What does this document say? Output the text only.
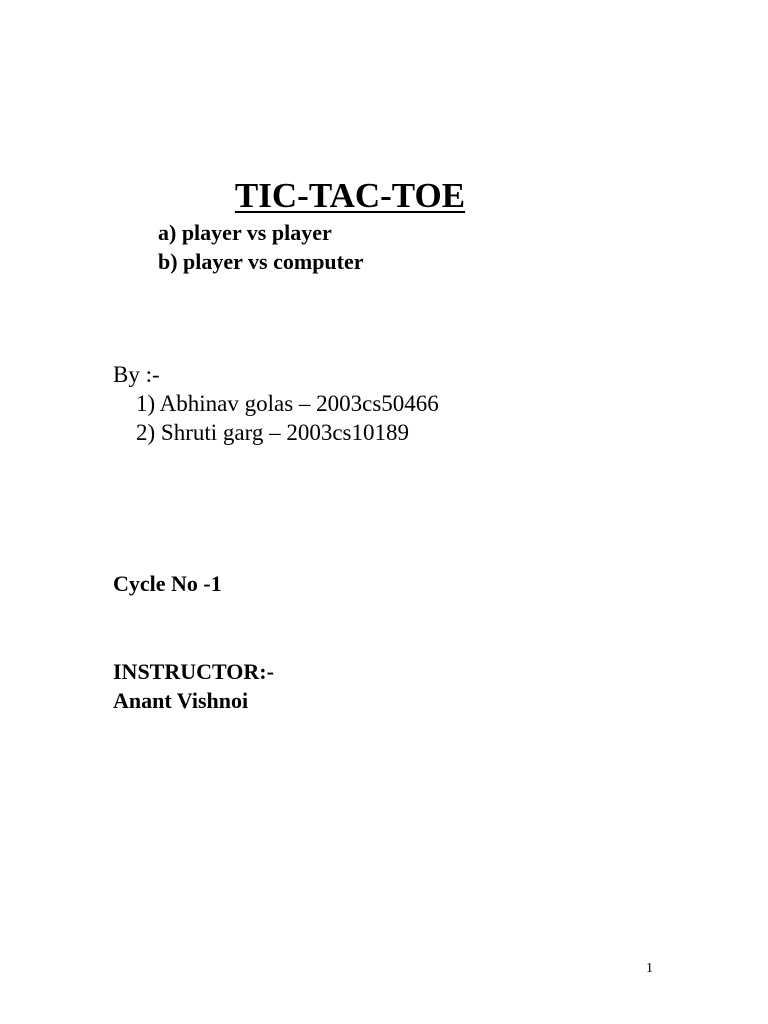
TIC-TAC-TOE
a) player vs player
b) player vs computer
By :-
1) Abhinav golas – 2003cs50466
2) Shruti garg – 2003cs10189
Cycle No -1
INSTRUCTOR:-
Anant Vishnoi
1
